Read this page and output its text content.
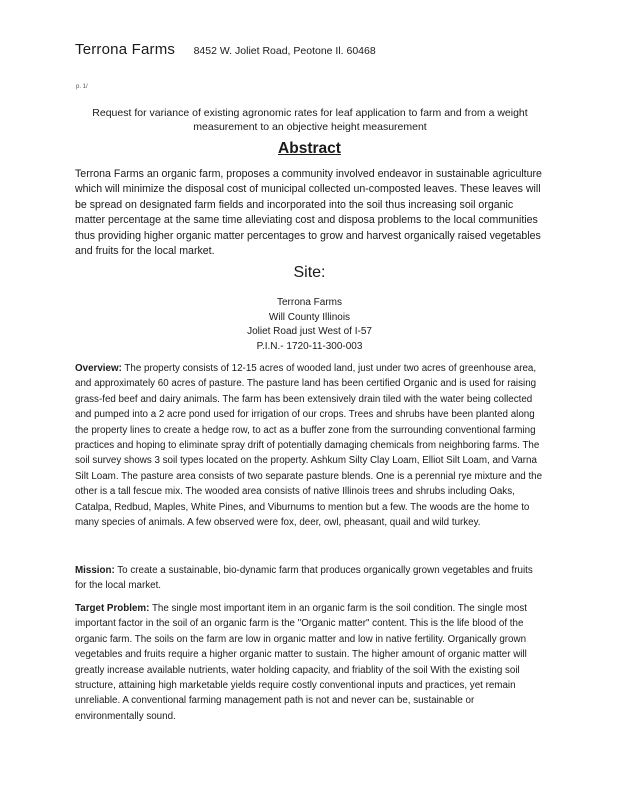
Terrona Farms 8452 W. Joliet Road, Peotone Il. 60468
p. 1/
Request for variance of existing agronomic rates for leaf application to farm and from a weight measurement to an objective height measurement
Abstract
Terrona Farms an organic farm, proposes a community involved endeavor in sustainable agriculture which will minimize the disposal cost of municipal collected un-composted leaves. These leaves will be spread on designated farm fields and incorporated into the soil thus increasing soil organic matter percentage at the same time alleviating cost and disposa problems to the local communities thus providing higher organic matter percentages to grow and harvest organically raised vegetables and fruits for the local market.
Site:
Terrona Farms
Will County Illinois
Joliet Road just West of I-57
P.I.N.- 1720-11-300-003
Overview: The property consists of 12-15 acres of wooded land, just under two acres of greenhouse area, and approximately 60 acres of pasture. The pasture land has been certified Organic and is used for raising grass-fed beef and dairy animals. The farm has been extensively drain tiled with the water being collected and pumped into a 2 acre pond used for irrigation of our crops. Trees and shrubs have been planted along the property lines to create a hedge row, to act as a buffer zone from the surrounding conventional farming practices and hoping to eliminate spray drift of potentially damaging chemicals from neighboring farms. The soil survey shows 3 soil types located on the property. Ashkum Silty Clay Loam, Elliot Silt Loam, and Varna Silt Loam. The pasture area consists of two separate pasture blends. One is a perennial rye mixture and the other is a tall fescue mix. The wooded area consists of native Illinois trees and shrubs including Oaks, Catalpa, Redbud, Maples, White Pines, and Viburnums to mention but a few. The woods are the home to many species of animals. A few observed were fox, deer, owl, pheasant, quail and wild turkey.
Mission: To create a sustainable, bio-dynamic farm that produces organically grown vegetables and fruits for the local market.
Target Problem: The single most important item in an organic farm is the soil condition. The single most important factor in the soil of an organic farm is the "Organic matter" content. This is the life blood of the organic farm. The soils on the farm are low in organic matter and low in native fertility. Organically grown vegetables and fruits require a higher organic matter to sustain. The higher amount of organic matter will greatly increase available nutrients, water holding capacity, and friablity of the soil With the existing soil structure, attaining high marketable yields require costly conventional inputs and practices, yet remain unreliable. A conventional farming management path is not and never can be, sustainable or environmentally sound.
